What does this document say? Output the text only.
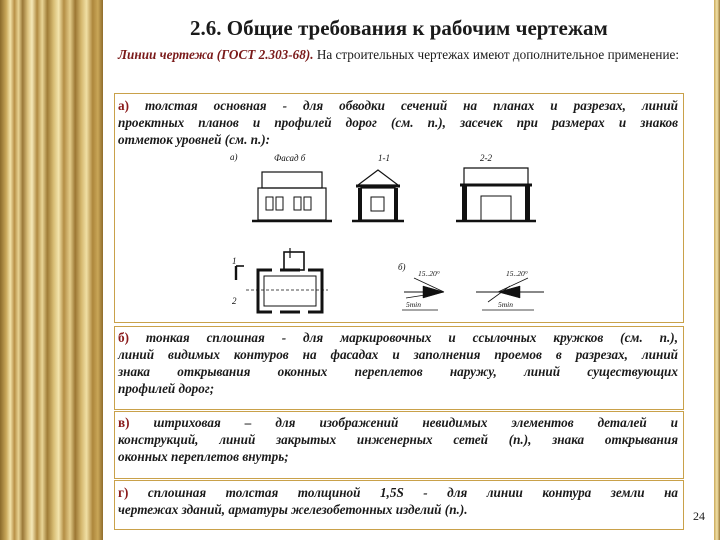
2.6. Общие требования к рабочим чертежам
Линии чертежа (ГОСТ 2.303-68). На строительных чертежах имеют дополнительное применение:
а) толстая основная - для обводки сечений на планах и разрезах, линий
проектных планов и профилей дорог (см. п.), засечек при размерах и знаков
отметок уровней (см. п.):
а)	Фасад б	1-1	2-2
1
2
б)
15..20°
5min
15..20°
5min
б) тонкая сплошная - для маркировочных и ссылочных кружков (см. п.),
линий видимых контуров на фасадах и заполнения проемов в разрезах, линий
знака открывания оконных переплетов наружу, линий существующих
профилей дорог;
в) штриховая – для изображений невидимых элементов деталей и
конструкций, линий закрытых инженерных сетей (п.), знака открывания
оконных переплетов внутрь;
г) сплошная толстая толщиной 1,5S - для линии контура земли на
чертежах зданий, арматуры железобетонных изделий (п.).	24
